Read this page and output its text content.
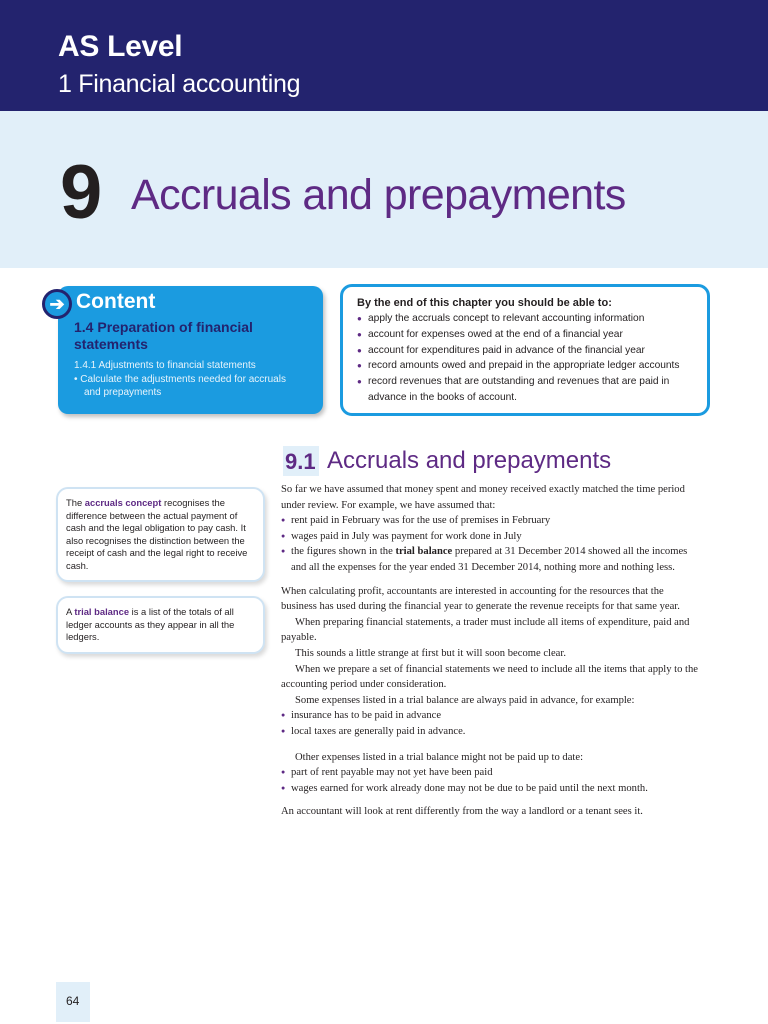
AS Level
1 Financial accounting
9 Accruals and prepayments
Content
1.4 Preparation of financial statements
1.4.1 Adjustments to financial statements
• Calculate the adjustments needed for accruals
and prepayments
➔	By the end of this chapter you should be able to:
● apply the accruals concept to relevant accounting information
● account for expenses owed at the end of a financial year
● account for expenditures paid in advance of the financial year
● record amounts owed and prepaid in the appropriate ledger accounts
● record revenues that are outstanding and revenues that are paid in advance in the books of account.
9.1 Accruals and prepayments

So far we have assumed that money spent and money received exactly matched the time period under review. For example, we have assumed that:

● rent paid in February was for the use of premises in February
● wages paid in July was payment for work done in July
● the figures shown in the trial balance prepared at 31 December 2014 showed all the incomes and all the expenses for the year ended 31 December 2014, nothing more and nothing less.

When calculating profit, accountants are interested in accounting for the resources that the business has used during the financial year to generate the revenue receipts for that same year.

When preparing financial statements, a trader must include all items of expenditure, paid and payable.

This sounds a little strange at first but it will soon become clear.

When we prepare a set of financial statements we need to include all the items that apply to the accounting period under consideration.

Some expenses listed in a trial balance are always paid in advance, for example:

● insurance has to be paid in advance
● local taxes are generally paid in advance.

Other expenses listed in a trial balance might not be paid up to date:

● part of rent payable may not yet have been paid
● wages earned for work already done may not be due to be paid until the next month.

An accountant will look at rent differently from the way a landlord or a tenant sees it.

The accruals concept recognises the difference between the actual payment of cash and the legal obligation to pay cash. It also recognises the distinction between the receipt of cash and the legal right to receive cash.
A trial balance is a list of the totals of all ledger accounts as they appear in all the ledgers.
64
